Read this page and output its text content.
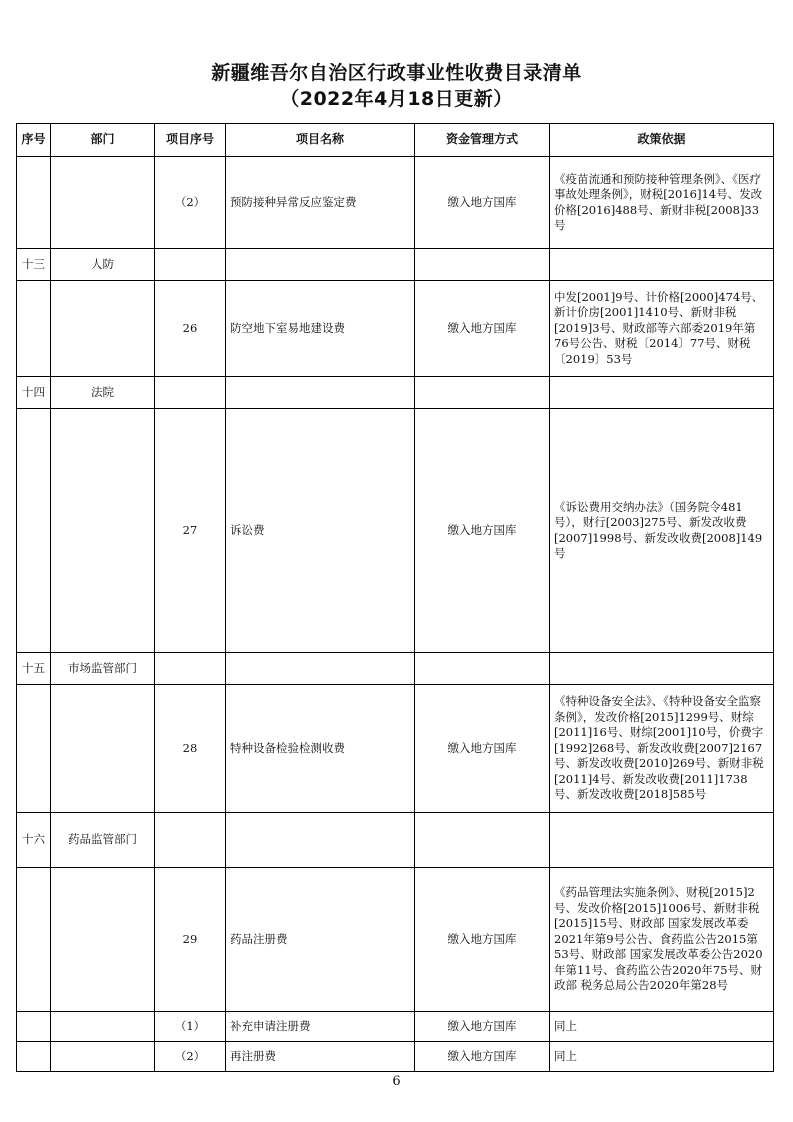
新疆维吾尔自治区行政事业性收费目录清单
（2022年4月18日更新）
序号	部门	项目序号	项目名称	资金管理方式	政策依据
		（2）	预防接种异常反应鉴定费	缴入地方国库	《疫苗流通和预防接种管理条例》、《医疗事故处理条例》，财税[2016]14号、发改价格[2016]488号、新财非税[2008]33号
十三	人防				
		26	防空地下室易地建设费	缴入地方国库	中发[2001]9号、计价格[2000]474号、新计价房[2001]1410号、新财非税[2019]3号、财政部等六部委2019年第76号公告、财税〔2014〕77号、财税〔2019〕53号
十四	法院				
		27	诉讼费	缴入地方国库	《诉讼费用交纳办法》（国务院令481号），财行[2003]275号、新发改收费[2007]1998号、新发改收费[2008]149号
十五	市场监管部门				
		28	特种设备检验检测收费	缴入地方国库	《特种设备安全法》、《特种设备安全监察条例》，发改价格[2015]1299号、财综[2011]16号、财综[2001]10号，价费字[1992]268号、新发改收费[2007]2167号、新发改收费[2010]269号、新财非税[2011]4号、新发改收费[2011]1738号、新发改收费[2018]585号
十六	药品监管部门				
		29	药品注册费	缴入地方国库	《药品管理法实施条例》、财税[2015]2号、发改价格[2015]1006号、新财非税[2015]15号、财政部 国家发展改革委2021年第9号公告、食药监公告2015第53号、财政部 国家发展改革委公告2020年第11号、食药监公告2020年75号、财政部 税务总局公告2020年第28号
		（1）	补充申请注册费	缴入地方国库	同上
		（2）	再注册费	缴入地方国库	同上
6
